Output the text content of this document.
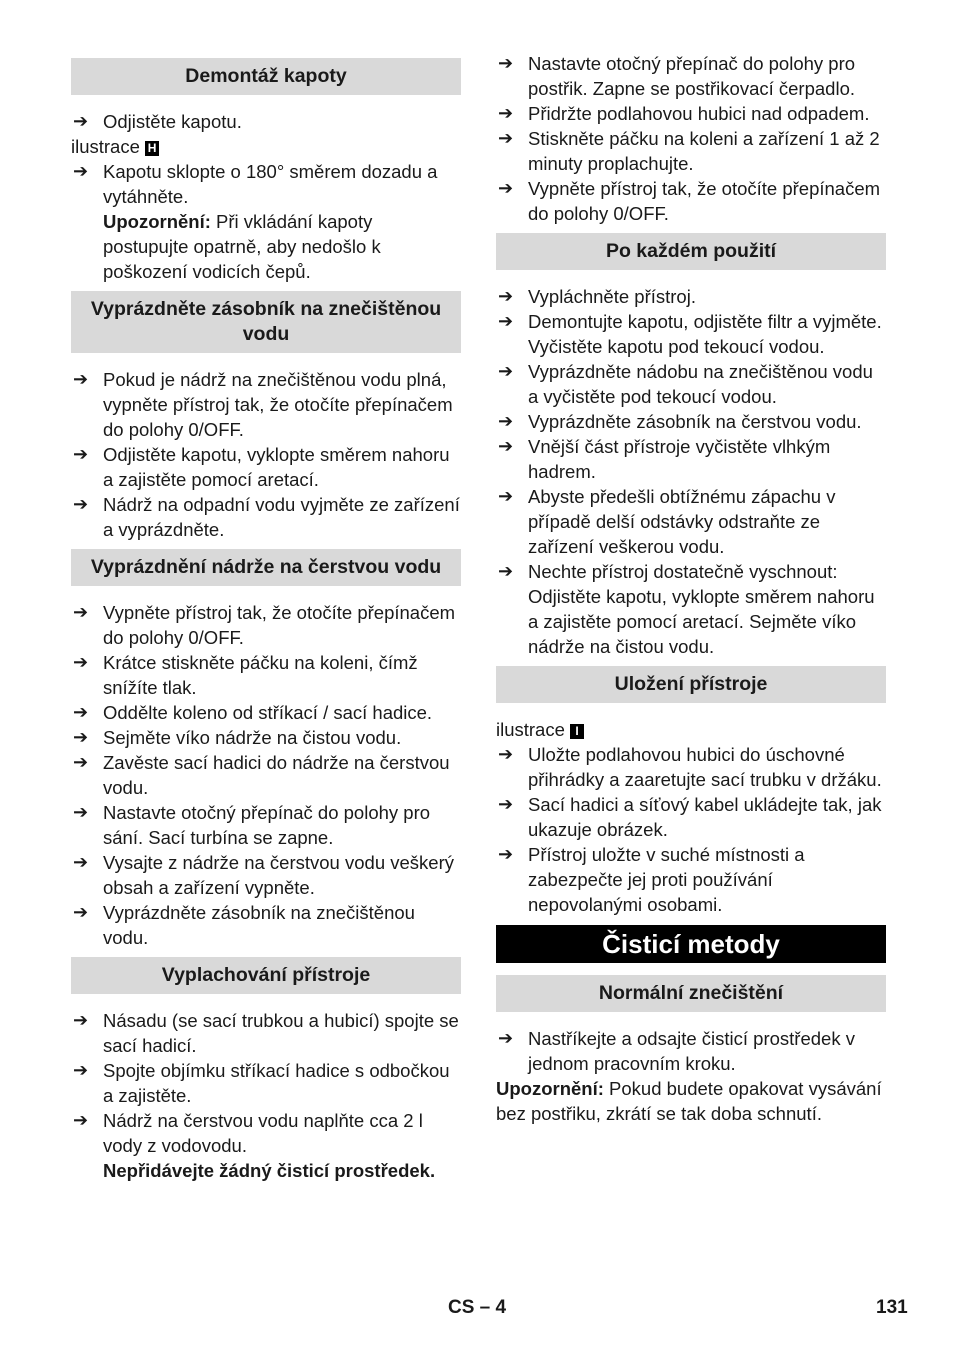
Demontáž kapoty
➔ Odjistěte kapotu.
ilustrace H
➔ Kapotu sklopte o 180° směrem dozadu a vytáhněte.
Upozornění: Při vkládání kapoty postupujte opatrně, aby nedošlo k poškození vodicích čepů.
Vyprázdněte zásobník na znečištěnou vodu
➔ Pokud je nádrž na znečištěnou vodu plná, vypněte přístroj tak, že otočíte přepínačem do polohy 0/OFF.
➔ Odjistěte kapotu, vyklopte směrem nahoru a zajistěte pomocí aretací.
➔ Nádrž na odpadní vodu vyjměte ze zařízení a vyprázdněte.
Vyprázdnění nádrže na čerstvou vodu
➔ Vypněte přístroj tak, že otočíte přepínačem do polohy 0/OFF.
➔ Krátce stiskněte páčku na koleni, čímž snížíte tlak.
➔ Oddělte koleno od stříkací / sací hadice.
➔ Sejměte víko nádrže na čistou vodu.
➔ Zavěste sací hadici do nádrže na čerstvou vodu.
➔ Nastavte otočný přepínač do polohy pro sání. Sací turbína se zapne.
➔ Vysajte z nádrže na čerstvou vodu veškerý obsah a zařízení vypněte.
➔ Vyprázdněte zásobník na znečištěnou vodu.
Vyplachování přístroje
➔ Násadu (se sací trubkou a hubicí) spojte se sací hadicí.
➔ Spojte objímku stříkací hadice s odbočkou a zajistěte.
➔ Nádrž na čerstvou vodu naplňte cca 2 l vody z vodovodu.
Nepřidávejte žádný čisticí prostředek.
➔ Nastavte otočný přepínač do polohy pro postřik. Zapne se postřikovací čerpadlo.
➔ Přidržte podlahovou hubici nad odpadem.
➔ Stiskněte páčku na koleni a zařízení 1 až 2 minuty proplachujte.
➔ Vypněte přístroj tak, že otočíte přepínačem do polohy 0/OFF.
Po každém použití
➔ Vypláchněte přístroj.
➔ Demontujte kapotu, odjistěte filtr a vyjměte. Vyčistěte kapotu pod tekoucí vodou.
➔ Vyprázdněte nádobu na znečištěnou vodu a vyčistěte pod tekoucí vodou.
➔ Vyprázdněte zásobník na čerstvou vodu.
➔ Vnější část přístroje vyčistěte vlhkým hadrem.
➔ Abyste předešli obtížnému zápachu v případě delší odstávky odstraňte ze zařízení veškerou vodu.
➔ Nechte přístroj dostatečně vyschnout: Odjistěte kapotu, vyklopte směrem nahoru a zajistěte pomocí aretací. Sejměte víko nádrže na čistou vodu.
Uložení přístroje
ilustrace I
➔ Uložte podlahovou hubici do úschovné přihrádky a zaaretujte sací trubku v držáku.
➔ Sací hadici a síťový kabel ukládejte tak, jak ukazuje obrázek.
➔ Přístroj uložte v suché místnosti a zabezpečte jej proti používání nepovolanými osobami.
Čisticí metody
Normální znečištění
➔ Nastříkejte a odsajte čisticí prostředek v jednom pracovním kroku.
Upozornění: Pokud budete opakovat vysávání bez postřiku, zkrátí se tak doba schnutí.
CS – 4	131
